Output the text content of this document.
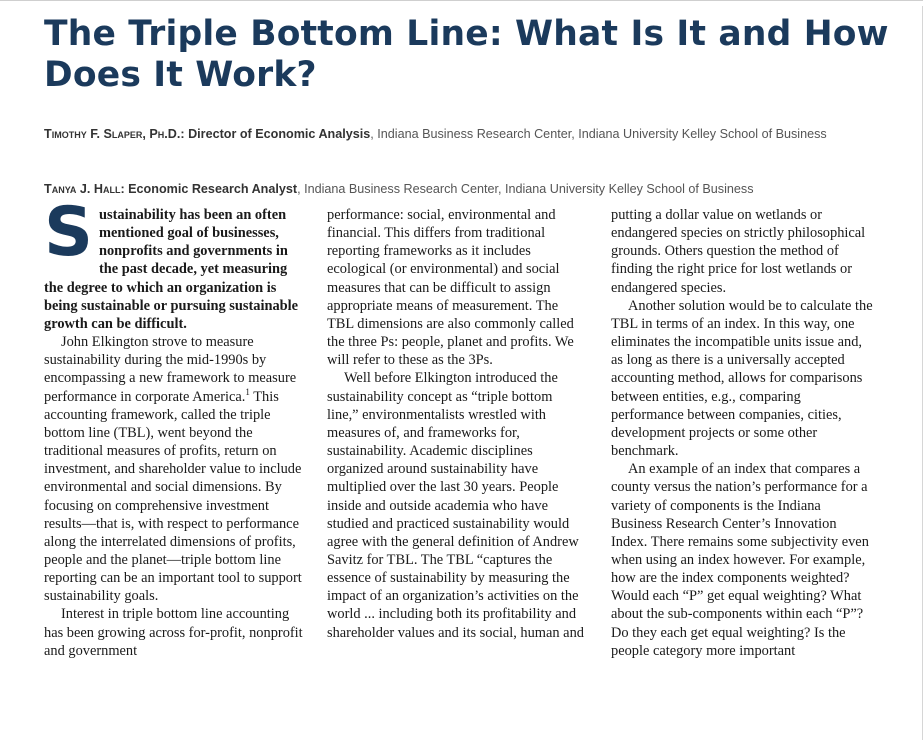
The Triple Bottom Line: What Is It and How Does It Work?
Timothy F. Slaper, Ph.D.: Director of Economic Analysis, Indiana Business Research Center, Indiana University Kelley School of Business
Tanya J. Hall: Economic Research Analyst, Indiana Business Research Center, Indiana University Kelley School of Business

Sustainability has been an often mentioned goal of businesses, nonprofits and governments in the past decade, yet measuring the degree to which an organization is being sustainable or pursuing sustainable growth can be difficult.

John Elkington strove to measure sustainability during the mid-1990s by encompassing a new framework to measure performance in corporate America.$^1$ This accounting framework, called the triple bottom line (TBL), went beyond the traditional measures of profits, return on investment, and shareholder value to include environmental and social dimensions. By focusing on comprehensive investment results—that is, with respect to performance along the interrelated dimensions of profits, people and the planet—triple bottom line reporting can be an important tool to support sustainability goals.

Interest in triple bottom line accounting has been growing across for-profit, nonprofit and government

performance: social, environmental and financial. This differs from traditional reporting frameworks as it includes ecological (or environmental) and social measures that can be difficult to assign appropriate means of measurement. The TBL dimensions are also commonly called the three Ps: people, planet and profits. We will refer to these as the 3Ps.

Well before Elkington introduced the sustainability concept as “triple bottom line,” environmentalists wrestled with measures of, and frameworks for, sustainability. Academic disciplines organized around sustainability have multiplied over the last 30 years. People inside and outside academia who have studied and practiced sustainability would agree with the general definition of Andrew Savitz for TBL. The TBL “captures the essence of sustainability by measuring the impact of an organization’s activities on the world ... including both its profitability and shareholder values and its social, human and

putting a dollar value on wetlands or endangered species on strictly philosophical grounds. Others question the method of finding the right price for lost wetlands or endangered species.

Another solution would be to calculate the TBL in terms of an index. In this way, one eliminates the incompatible units issue and, as long as there is a universally accepted accounting method, allows for comparisons between entities, e.g., comparing performance between companies, cities, development projects or some other benchmark.

An example of an index that compares a county versus the nation’s performance for a variety of components is the Indiana Business Research Center’s Innovation Index. There remains some subjectivity even when using an index however. For example, how are the index components weighted? Would each “P” get equal weighting? What about the sub-components within each “P”? Do they each get equal weighting? Is the people category more important
